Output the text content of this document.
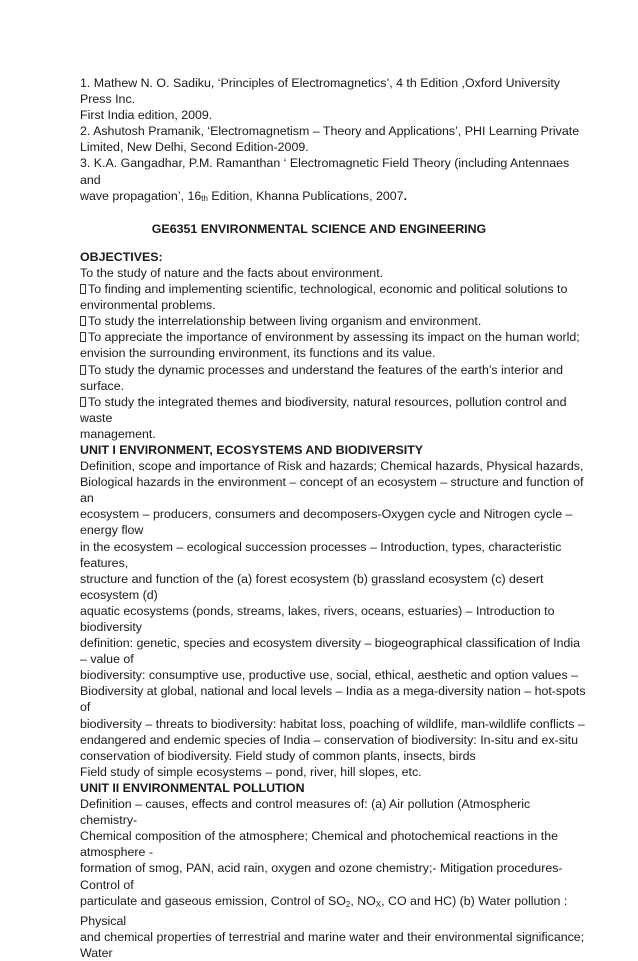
1. Mathew N. O. Sadiku, ‘Principles of Electromagnetics’, 4 th Edition ,Oxford University

Press Inc.

First India edition, 2009.

2. Ashutosh Pramanik, ‘Electromagnetism – Theory and Applications’, PHI Learning Private

Limited, New Delhi, Second Edition-2009.

3. K.A. Gangadhar, P.M. Ramanthan ‘ Electromagnetic Field Theory (including Antennaes

and

wave propagation’, 16th Edition, Khanna Publications, 2007.

GE6351 ENVIRONMENTAL SCIENCE AND ENGINEERING

OBJECTIVES:

To the study of nature and the facts about environment.

To finding and implementing scientific, technological, economic and political solutions to

environmental problems.

To study the interrelationship between living organism and environment.

To appreciate the importance of environment by assessing its impact on the human world;

envision the surrounding environment, its functions and its value.

To study the dynamic processes and understand the features of the earth’s interior and

surface.

To study the integrated themes and biodiversity, natural resources, pollution control and

waste

management.

UNIT I ENVIRONMENT, ECOSYSTEMS AND BIODIVERSITY

Definition, scope and importance of Risk and hazards; Chemical hazards, Physical hazards,

Biological hazards in the environment – concept of an ecosystem – structure and function of

an

ecosystem – producers, consumers and decomposers-Oxygen cycle and Nitrogen cycle –

energy flow

in the ecosystem – ecological succession processes – Introduction, types, characteristic

features,

structure and function of the (a) forest ecosystem (b) grassland ecosystem (c) desert

ecosystem (d)

aquatic ecosystems (ponds, streams, lakes, rivers, oceans, estuaries) – Introduction to

biodiversity

definition: genetic, species and ecosystem diversity – biogeographical classification of India

– value of

biodiversity: consumptive use, productive use, social, ethical, aesthetic and option values –

Biodiversity at global, national and local levels – India as a mega-diversity nation – hot-spots

of

biodiversity – threats to biodiversity: habitat loss, poaching of wildlife, man-wildlife conflicts –

endangered and endemic species of India – conservation of biodiversity: In-situ and ex-situ

conservation of biodiversity. Field study of common plants, insects, birds

Field study of simple ecosystems – pond, river, hill slopes, etc.

UNIT II ENVIRONMENTAL POLLUTION

Definition – causes, effects and control measures of: (a) Air pollution (Atmospheric

chemistry-

Chemical composition of the atmosphere; Chemical and photochemical reactions in the

atmosphere -

formation of smog, PAN, acid rain, oxygen and ozone chemistry;- Mitigation procedures-

Control of

particulate and gaseous emission, Control of $SO_2$, $NO_X$, CO and HC) (b) Water pollution :

Physical

and chemical properties of terrestrial and marine water and their environmental significance;

Water
